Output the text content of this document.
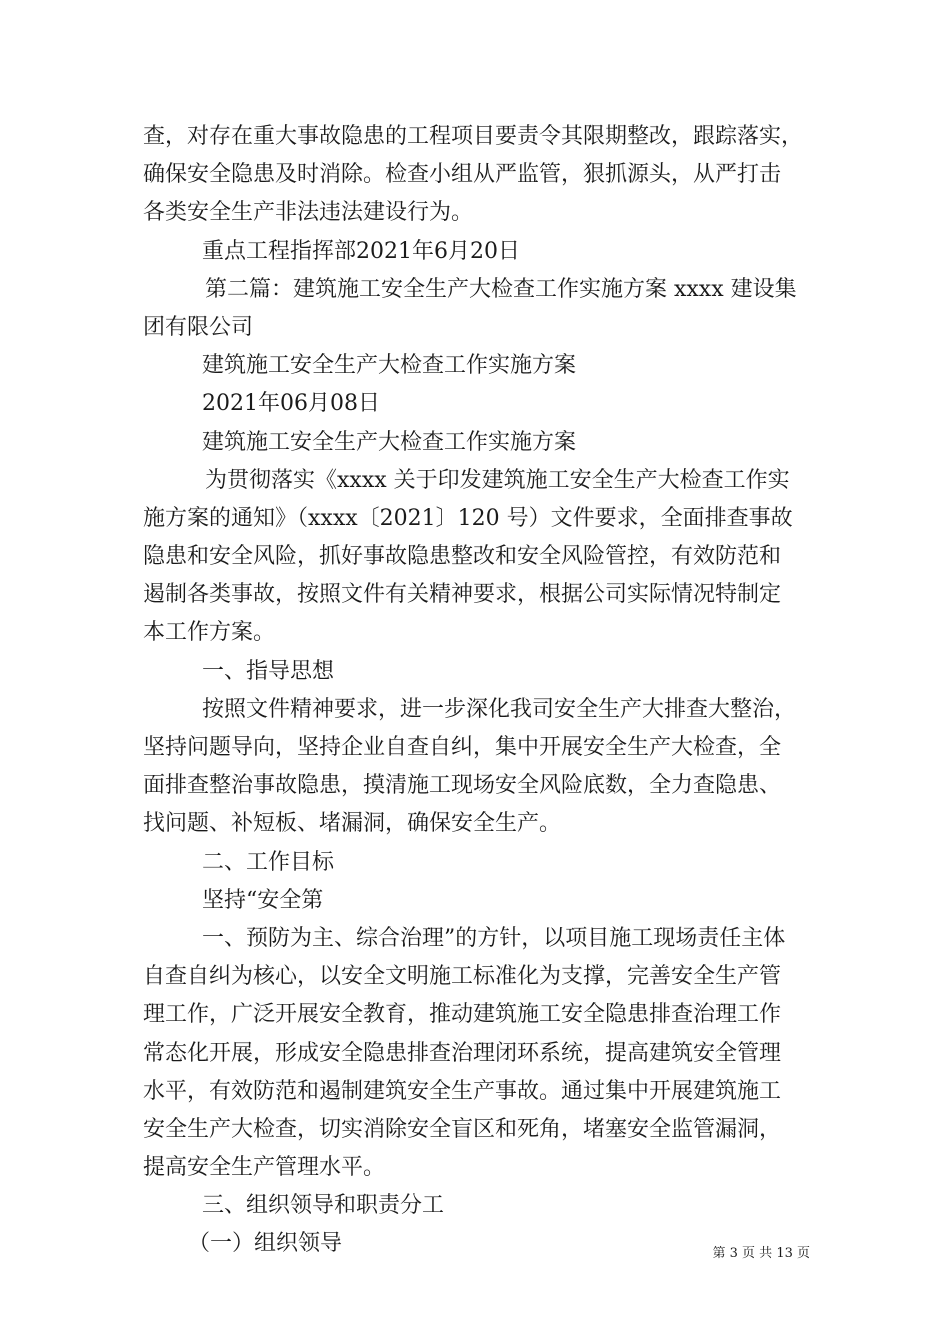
查，对存在重大事故隐患的工程项目要责令其限期整改，跟踪落实，
确保安全隐患及时消除。检查小组从严监管，狠抓源头，从严打击
各类安全生产非法违法建设行为。
重点工程指挥部2021年6月20日
第二篇：建筑施工安全生产大检查工作实施方案 xxxx 建设集
团有限公司
建筑施工安全生产大检查工作实施方案
2021年06月08日
建筑施工安全生产大检查工作实施方案
为贯彻落实《xxxx 关于印发建筑施工安全生产大检查工作实
施方案的通知》（xxxx〔2021〕120 号）文件要求，全面排查事故
隐患和安全风险，抓好事故隐患整改和安全风险管控，有效防范和
遏制各类事故，按照文件有关精神要求，根据公司实际情况特制定
本工作方案。
一、指导思想
按照文件精神要求，进一步深化我司安全生产大排查大整治，
坚持问题导向，坚持企业自查自纠，集中开展安全生产大检查，全
面排查整治事故隐患，摸清施工现场安全风险底数，全力查隐患、
找问题、补短板、堵漏洞，确保安全生产。
二、工作目标
坚持“安全第
一、预防为主、综合治理”的方针，以项目施工现场责任主体
自查自纠为核心，以安全文明施工标准化为支撑，完善安全生产管
理工作，广泛开展安全教育，推动建筑施工安全隐患排查治理工作
常态化开展，形成安全隐患排查治理闭环系统，提高建筑安全管理
水平，有效防范和遏制建筑安全生产事故。通过集中开展建筑施工
安全生产大检查，切实消除安全盲区和死角，堵塞安全监管漏洞，
提高安全生产管理水平。
三、组织领导和职责分工
（一）组织领导	第 3 页 共 13 页
